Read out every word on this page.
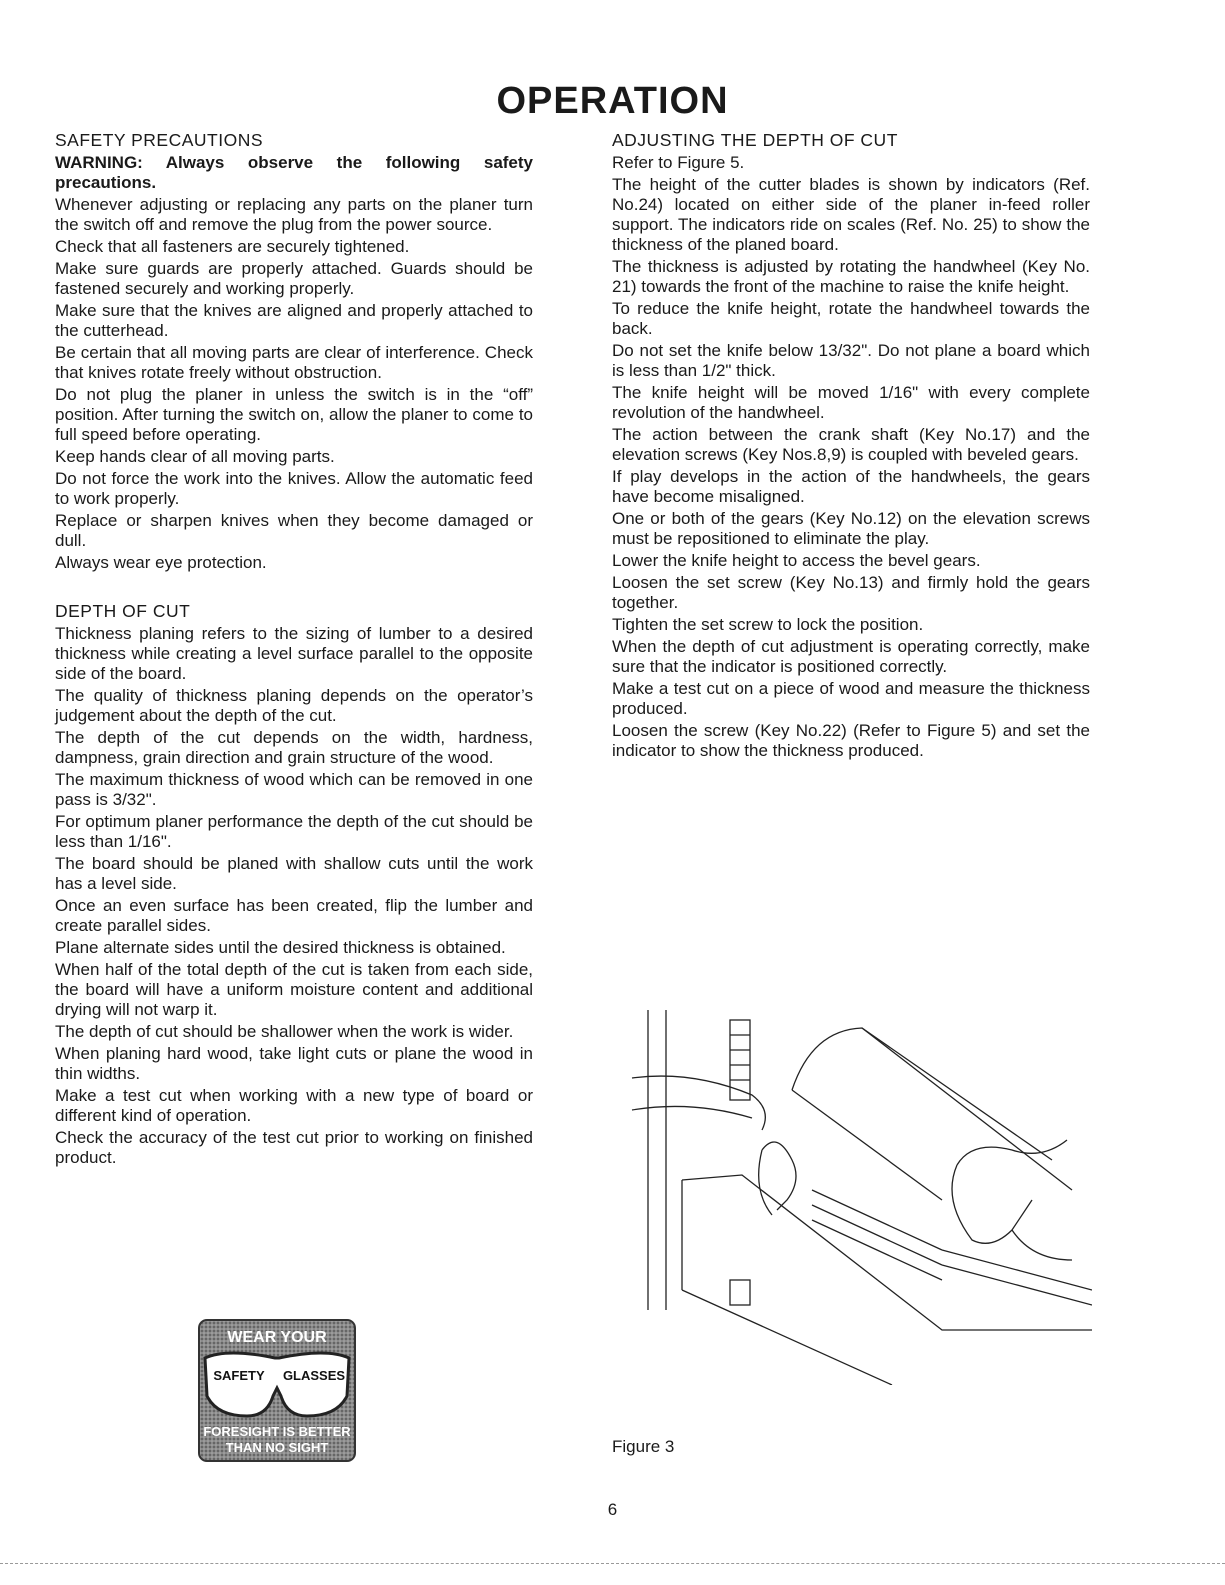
OPERATION
SAFETY PRECAUTIONS

WARNING: Always observe the following safety precautions.

Whenever adjusting or replacing any parts on the planer turn the switch off and remove the plug from the power source.

Check that all fasteners are securely tightened.

Make sure guards are properly attached. Guards should be fastened securely and working properly.

Make sure that the knives are aligned and properly attached to the cutterhead.

Be certain that all moving parts are clear of interference. Check that knives rotate freely without obstruction.

Do not plug the planer in unless the switch is in the “off” position. After turning the switch on, allow the planer to come to full speed before operating.

Keep hands clear of all moving parts.

Do not force the work into the knives. Allow the automatic feed to work properly.

Replace or sharpen knives when they become damaged or dull.

Always wear eye protection.

DEPTH OF CUT

Thickness planing refers to the sizing of lumber to a desired thickness while creating a level surface parallel to the opposite side of the board.

The quality of thickness planing depends on the operator’s judgement about the depth of the cut.

The depth of the cut depends on the width, hardness, dampness, grain direction and grain structure of the wood.

The maximum thickness of wood which can be removed in one pass is 3/32".

For optimum planer performance the depth of the cut should be less than 1/16".

The board should be planed with shallow cuts until the work has a level side.

Once an even surface has been created, flip the lumber and create parallel sides.

Plane alternate sides until the desired thickness is obtained.

When half of the total depth of the cut is taken from each side, the board will have a uniform moisture content and additional drying will not warp it.

The depth of cut should be shallower when the work is wider.

When planing hard wood, take light cuts or plane the wood in thin widths.

Make a test cut when working with a new type of board or different kind of operation.

Check the accuracy of the test cut prior to working on finished product.

ADJUSTING THE DEPTH OF CUT

Refer to Figure 5.

The height of the cutter blades is shown by indicators (Ref. No.24) located on either side of the planer in-feed roller support. The indicators ride on scales (Ref. No. 25) to show the thickness of the planed board.

The thickness is adjusted by rotating the handwheel (Key No. 21) towards the front of the machine to raise the knife height.

To reduce the knife height, rotate the handwheel towards the back.

Do not set the knife below 13/32". Do not plane a board which is less than 1/2" thick.

The knife height will be moved 1/16" with every complete revolution of the handwheel.

The action between the crank shaft (Key No.17) and the elevation screws (Key Nos.8,9) is coupled with beveled gears.

If play develops in the action of the handwheels, the gears have become misaligned.

One or both of the gears (Key No.12) on the elevation screws must be repositioned to eliminate the play.

Lower the knife height to access the bevel gears.

Loosen the set screw (Key No.13) and firmly hold the gears together.

Tighten the set screw to lock the position.

When the depth of cut adjustment is operating correctly, make sure that the indicator is positioned correctly.

Make a test cut on a piece of wood and measure the thickness produced.

Loosen the screw (Key No.22) (Refer to Figure 5) and set the indicator to show the thickness produced.

WEAR YOUR
SAFETY GLASSES
FORESIGHT IS BETTER
THAN NO SIGHT	Figure 3

6
